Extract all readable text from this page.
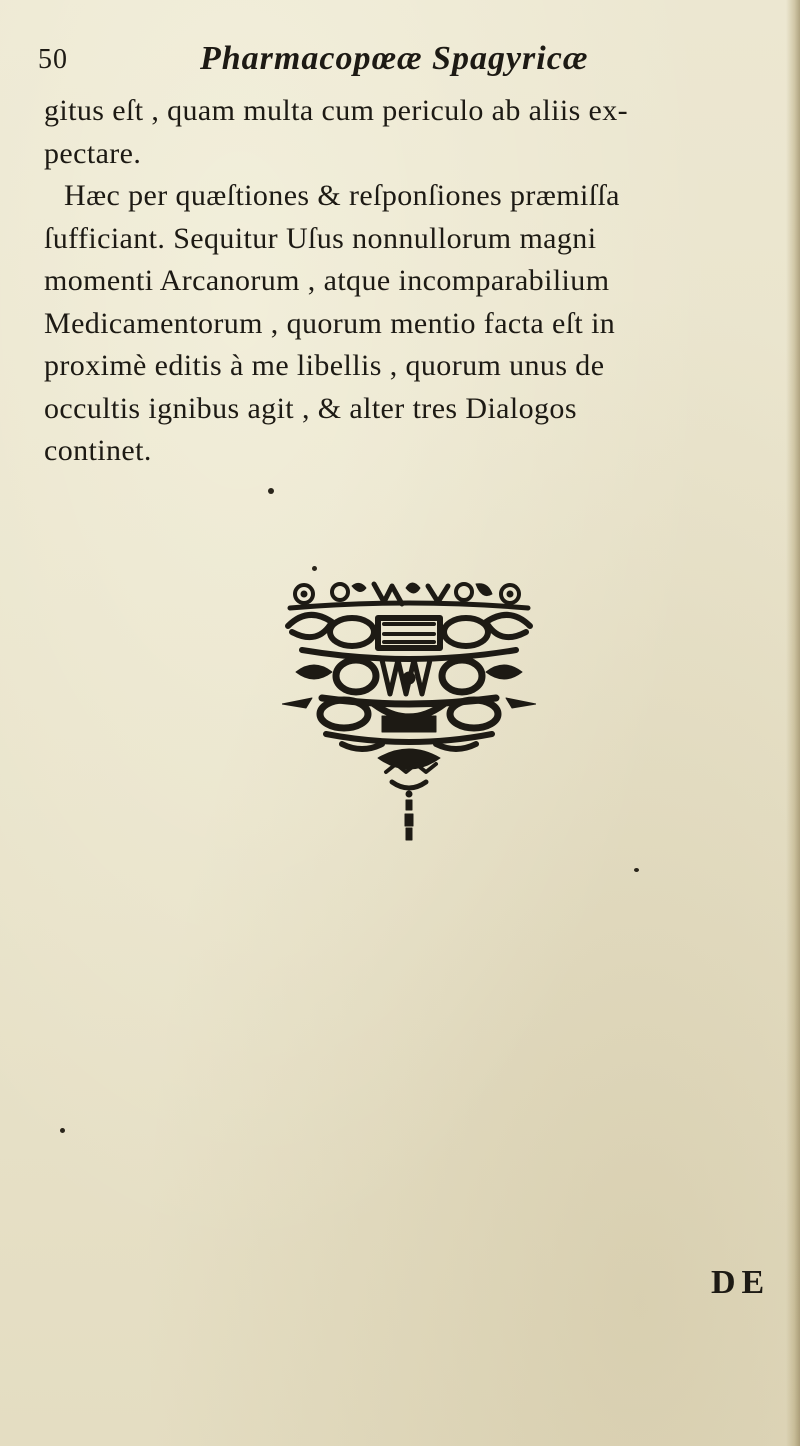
50	Pharmacopœæ Spagyricæ
gitus eſt , quam multa cum periculo ab aliis ex-
pectare.
Hæc per quæſtiones & reſponſiones præmiſſa
ſufficiant. Sequitur Uſus nonnullorum magni
momenti Arcanorum , atque incomparabilium
Medicamentorum , quorum mentio facta eſt in
proximè editis à me libellis , quorum unus de
occultis ignibus agit , & alter tres Dialogos
continet.
DE
